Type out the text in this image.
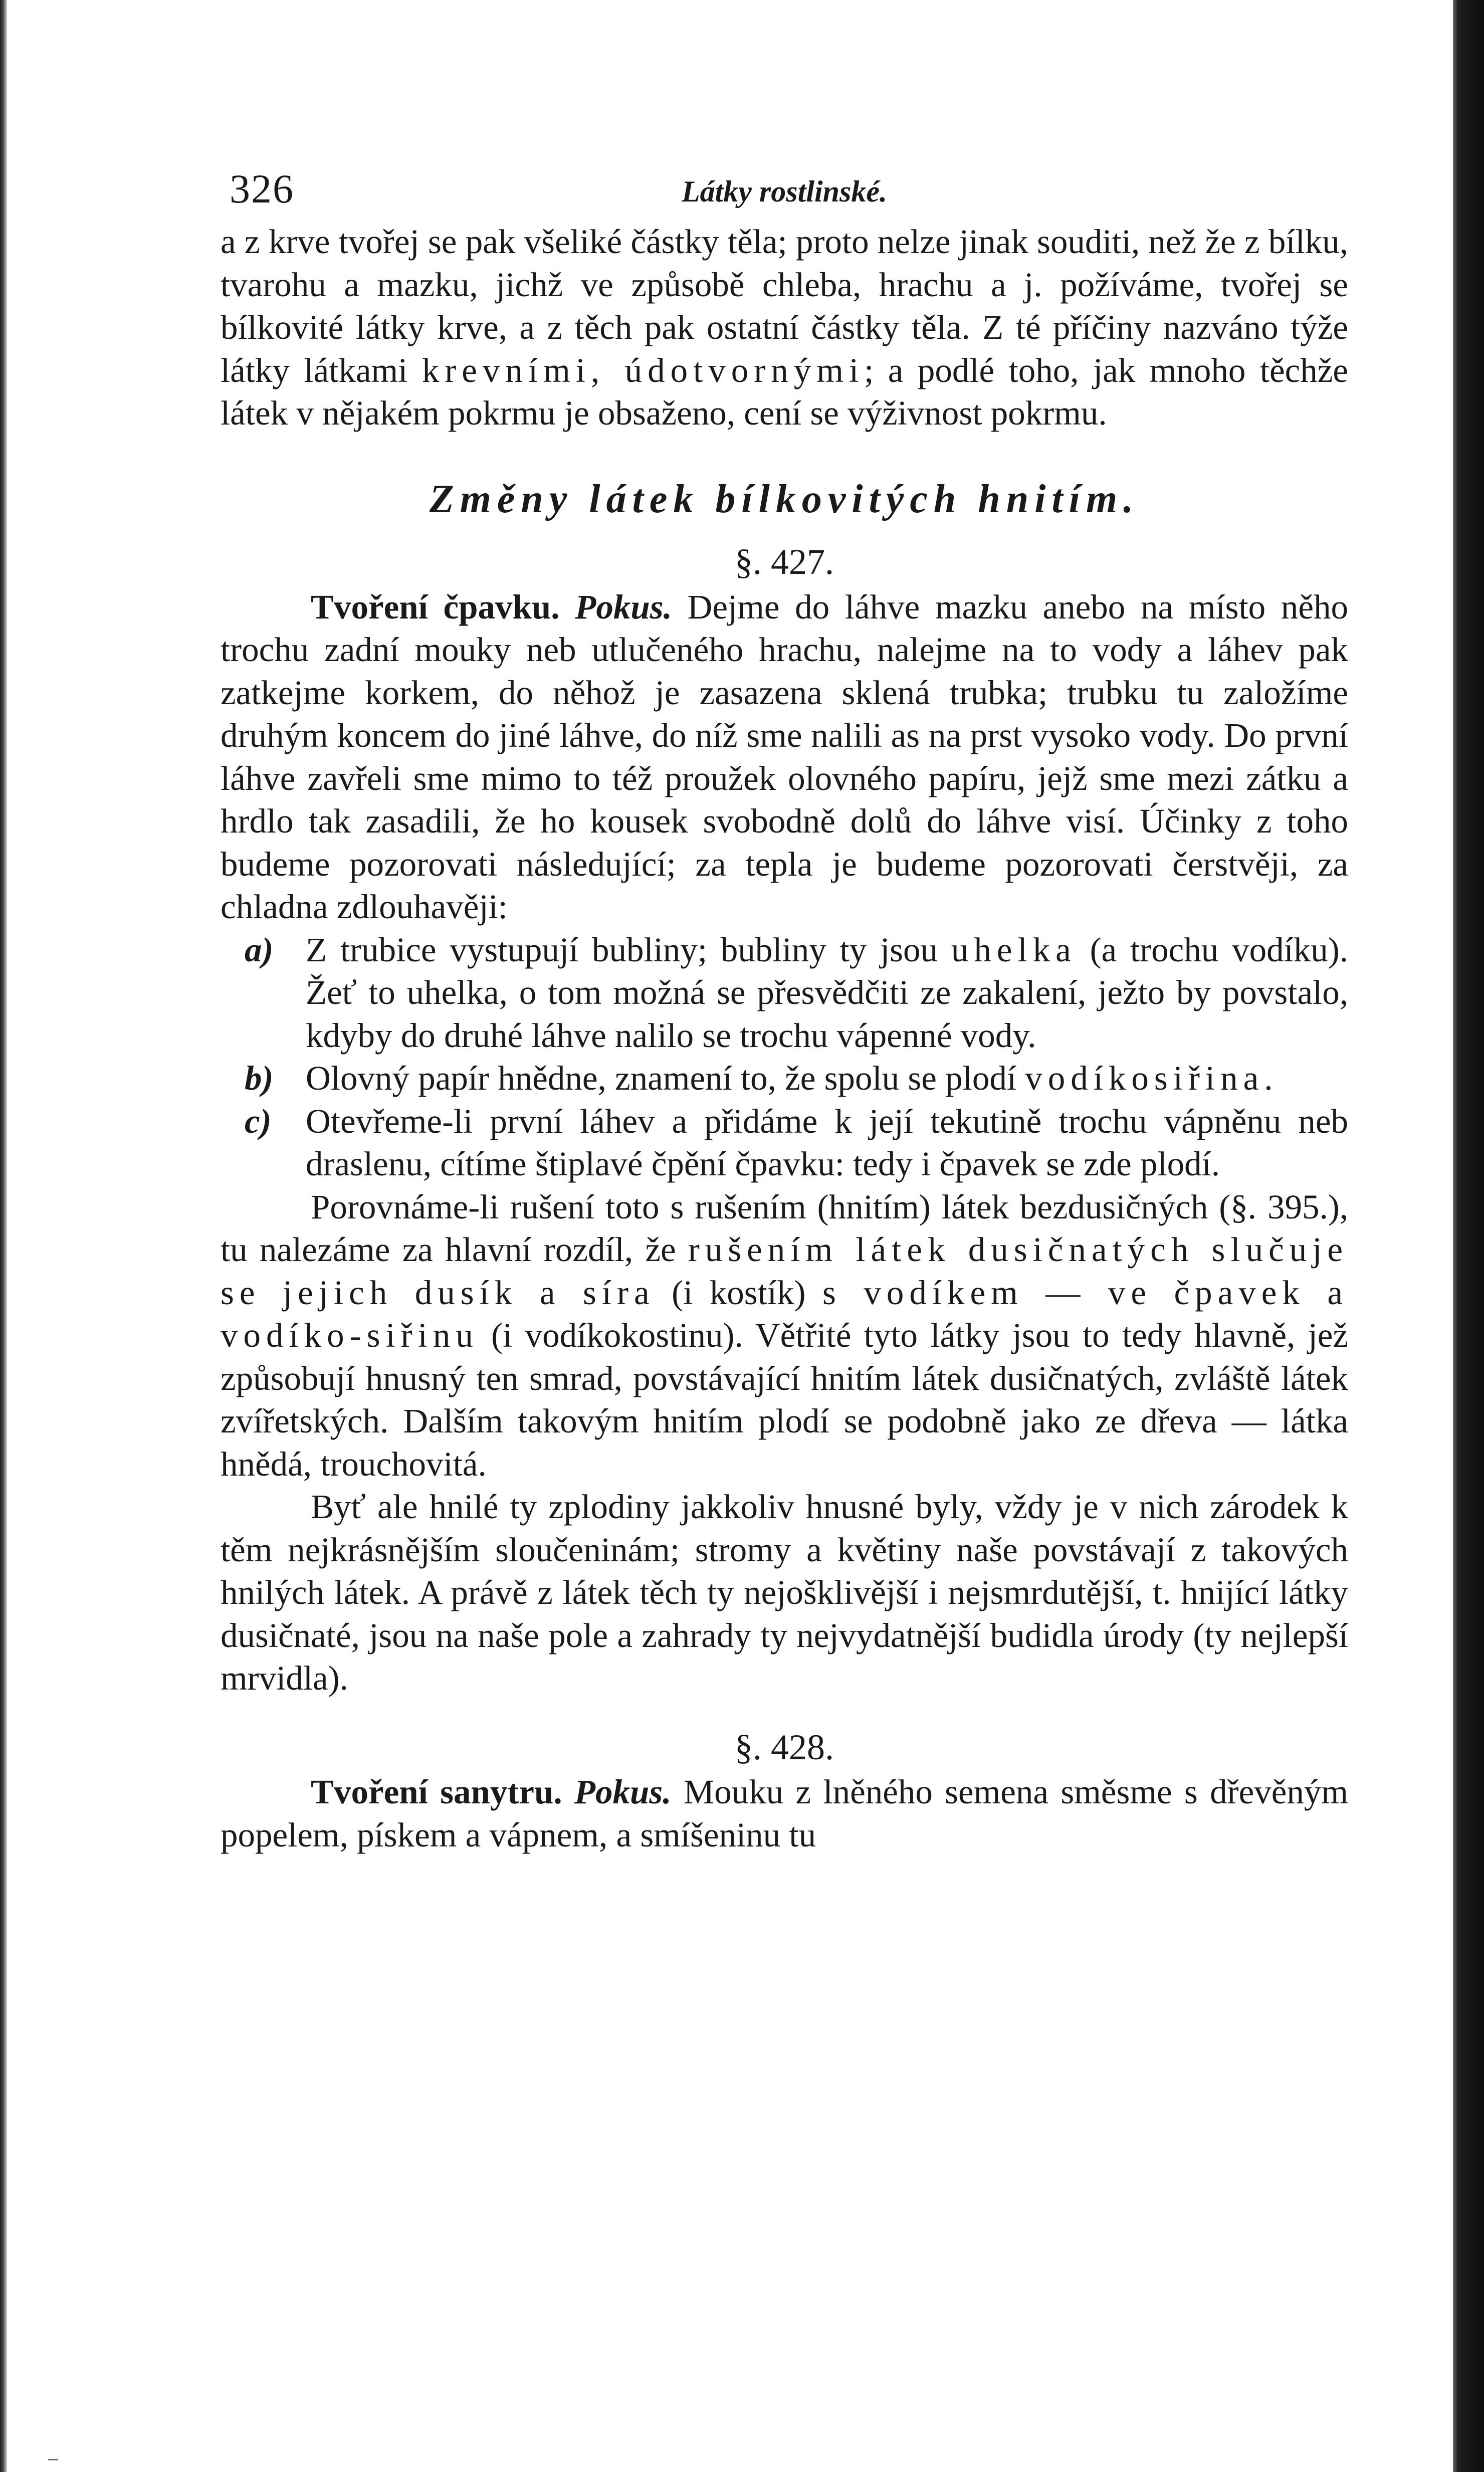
326	Látky rostlinské.

a z krve tvořej se pak všeliké částky těla; proto nelze jinak souditi, než že z bílku, tvarohu a mazku, jichž ve způsobě chleba, hrachu a j. požíváme, tvořej se bílkovité látky krve, a z těch pak ostatní částky těla. Z té příčiny nazváno týže látky látkami krevními, údotvornými; a podlé toho, jak mnoho těchže látek v nějakém pokrmu je obsaženo, cení se výživnost pokrmu.

Změny látek bílkovitých hnitím.
§. 427.

Tvoření čpavku. Pokus. Dejme do láhve mazku anebo na místo něho trochu zadní mouky neb utlučeného hrachu, nalejme na to vody a láhev pak zatkejme korkem, do něhož je zasazena sklená trubka; trubku tu založíme druhým koncem do jiné láhve, do níž sme nalili as na prst vysoko vody. Do první láhve zavřeli sme mimo to též proužek olovného papíru, jejž sme mezi zátku a hrdlo tak zasadili, že ho kousek svobodně dolů do láhve visí. Účinky z toho budeme pozorovati následující; za tepla je budeme pozorovati čerstvěji, za chladna zdlouhavěji:

a) Z trubice vystupují bubliny; bubliny ty jsou uhelka (a trochu vodíku). Žeť to uhelka, o tom možná se přesvědčiti ze zakalení, ježto by povstalo, kdyby do druhé láhve nalilo se trochu vápenné vody.

b) Olovný papír hnědne, znamení to, že spolu se plodí vodíkosiřina.

c) Otevřeme-li první láhev a přidáme k její tekutině trochu vápněnu neb draslenu, cítíme štiplavé čpění čpavku: tedy i čpavek se zde plodí.

Porovnáme-li rušení toto s rušením (hnitím) látek bezdusičných (§. 395.), tu nalezáme za hlavní rozdíl, že rušením látek dusičnatých slučuje se jejich dusík a síra (i kostík) s vodíkem — ve čpavek a vodíko-siřinu (i vodíkokostinu). Větřité tyto látky jsou to tedy hlavně, jež způsobují hnusný ten smrad, povstávající hnitím látek dusičnatých, zvláště látek zvířetských. Dalším takovým hnitím plodí se podobně jako ze dřeva — látka hnědá, trouchovitá.

Byť ale hnilé ty zplodiny jakkoliv hnusné byly, vždy je v nich zárodek k těm nejkrásnějším sloučeninám; stromy a květiny naše povstávají z takových hnilých látek. A právě z látek těch ty nejošklivější i nejsmrdutější, t. hnijící látky dusičnaté, jsou na naše pole a zahrady ty nejvydatnější budidla úrody (ty nejlepší mrvidla).

§. 428.

Tvoření sanytru. Pokus. Mouku z lněného semena směsme s dřevěným popelem, pískem a vápnem, a smíšeninu tu

–
